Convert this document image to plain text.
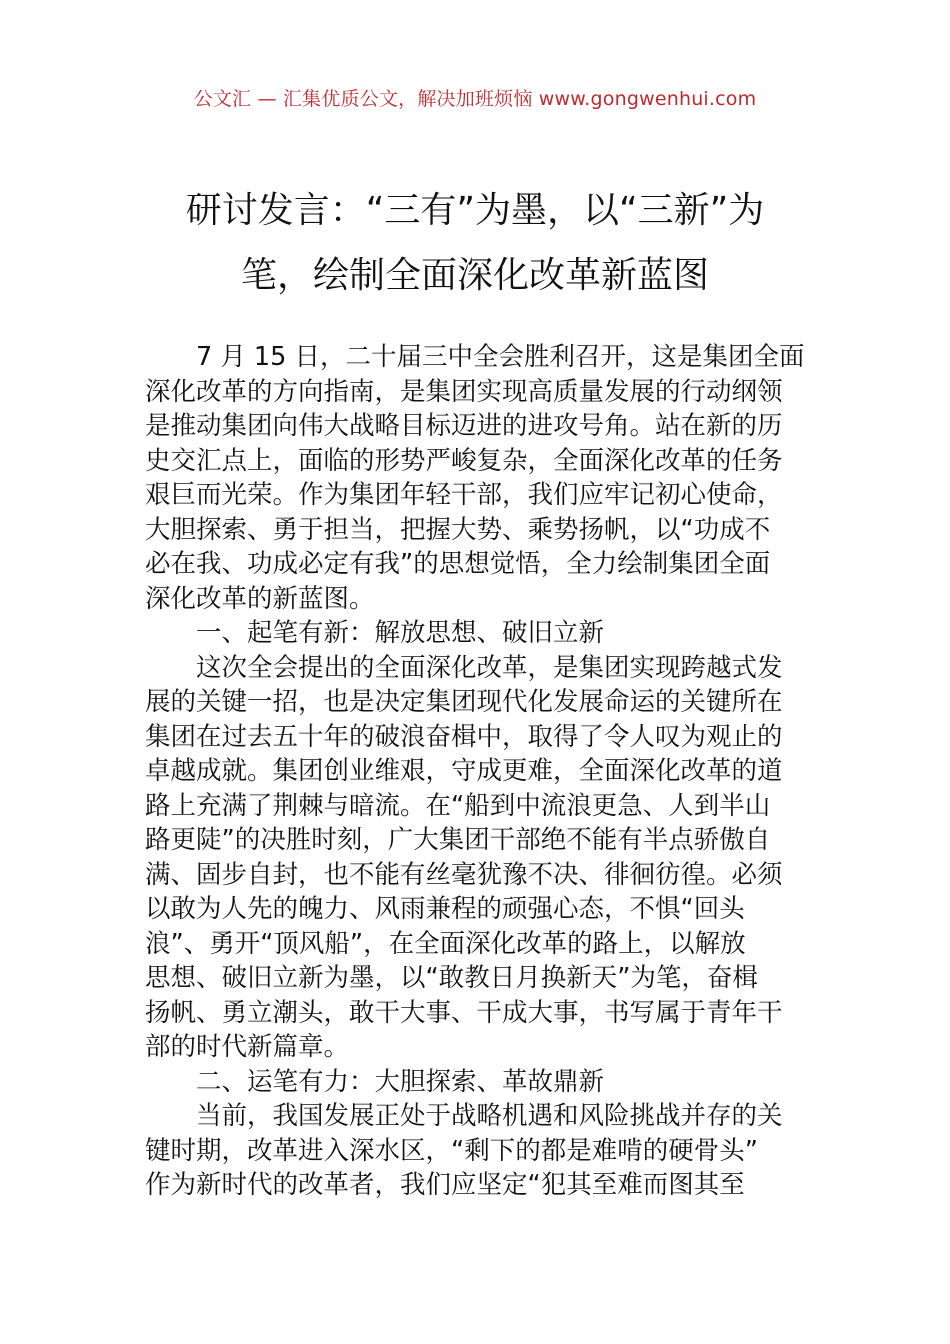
公文汇 — 汇集优质公文，解决加班烦恼 www.gongwenhui.com
研讨发言：“三有”为墨，以“三新”为
笔，绘制全面深化改革新蓝图
7 月 15 日，二十届三中全会胜利召开，这是集团全面
深化改革的方向指南，是集团实现高质量发展的行动纲领
是推动集团向伟大战略目标迈进的进攻号角。站在新的历
史交汇点上，面临的形势严峻复杂，全面深化改革的任务
艰巨而光荣。作为集团年轻干部，我们应牢记初心使命，
大胆探索、勇于担当，把握大势、乘势扬帆，以“功成不
必在我、功成必定有我”的思想觉悟，全力绘制集团全面
深化改革的新蓝图。
一、起笔有新：解放思想、破旧立新
这次全会提出的全面深化改革，是集团实现跨越式发
展的关键一招，也是决定集团现代化发展命运的关键所在
集团在过去五十年的破浪奋楫中，取得了令人叹为观止的
卓越成就。集团创业维艰，守成更难，全面深化改革的道
路上充满了荆棘与暗流。在“船到中流浪更急、人到半山
路更陡”的决胜时刻，广大集团干部绝不能有半点骄傲自
满、固步自封，也不能有丝毫犹豫不决、徘徊彷徨。必须
以敢为人先的魄力、风雨兼程的顽强心态，不惧“回头
浪”、勇开“顶风船”，在全面深化改革的路上，以解放
思想、破旧立新为墨，以“敢教日月换新天”为笔，奋楫
扬帆、勇立潮头，敢干大事、干成大事，书写属于青年干
部的时代新篇章。
二、运笔有力：大胆探索、革故鼎新
当前，我国发展正处于战略机遇和风险挑战并存的关
键时期，改革进入深水区，“剩下的都是难啃的硬骨头”
作为新时代的改革者，我们应坚定“犯其至难而图其至
